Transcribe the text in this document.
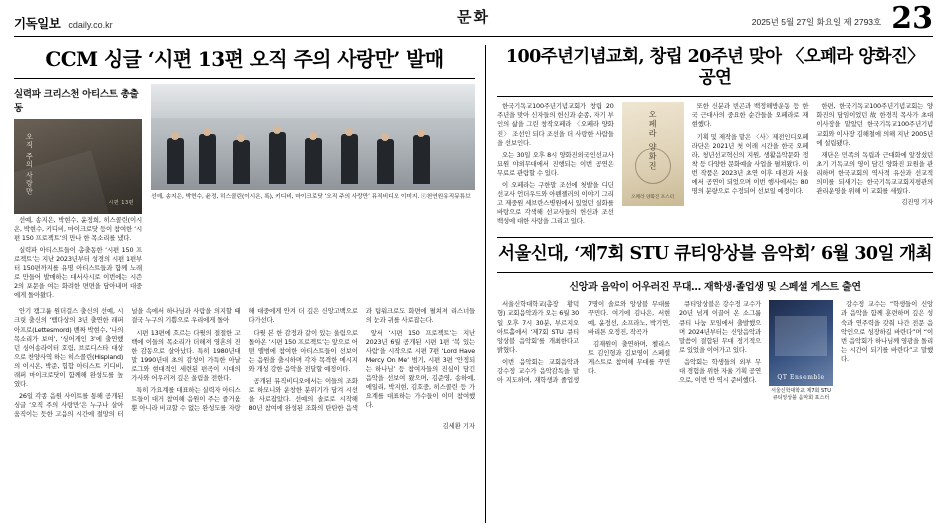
기독일보 cdaily.co.kr	문화	2025년 5월 27일 화요일 제 2793호 23
CCM 싱글 ‘시편 13편 오직 주의 사랑만’ 발매
실력파 크리스천 아티스트 총출동
오직 주의 사랑만
시편 13편
선예, 송지은, 박현수, 윤정, 히스콜린(이시온, 록), 키디비, 마이크로닷 ‘오직 주의 사랑만’ 뮤직비디오 이미지. ⓒ천연원유직뮤튜브

선예, 송지은, 박현수, 윤정희, 히스콜린(이시온, 박현수, 키디비, 마이크로닷 등이 참여한 ‘시편 150 프로젝트’의 만나 한 목소리를 냈다.

실력파 아티스트들이 총출동한 ‘시편 150 프로젝트’는 지난 2023년부터 성경의 시편 1편부터 150편까지를 유명 아티스트들과 함께 노래로 만들어 발매하는 대서사시로 이번에는 시즌 2의 포문을 여는 화려한 면면을 담아내며 대중에게 돌아왔다.

안기 캠그룹 원더걸스 출신의 선예, 시크릿 출신의 ‘뱀다상의 3년 출연한 래퍼아프로(Lettesmord) 밴짜 박현수, ‘나의 목소리가 보여’, ‘싱어게인 3’에 출연했던 싱어송라이터 호림, 브로디스타 대상으로 찬양사역 하는 히스콜린(Hispland)의 이시온, 박준, 힙합 아티스트 키디비, 래퍼 마이크로닷이 함께해 완성도를 높였다.

26일 각종 음원 사이트를 통해 공개된 싱글 ‘오직 주의 사랑만’은 누구나 살아 움직이는 듯한 고음의 시간에 절망의 터널을 속에서 하나님과 사람을 의지할 때 결국 누구의 기쁨으로 우리에게 돌아

시편 13편에 흐르는 다윗의 절절한 고백에 이들의 목소리가 더해져 영혼의 진한 감동으로 살아났다. 특히 1980년대 말 1990년대 초의 감성이 가득한 아날로그와 현대적인 세련된 편곡이 시대의 가사와 어우러져 깊은 울림을 전한다.

특히 가요계를 대표하는 실력자 아티스트들이 대거 참여해 음원이 주는 즐거움뿐 아니라 비교할 수 없는 완성도를 자랑해 대중에게 안겨 더 깊은 신앙고백으로 다가선다.

다윗 본 한 감정과 같이 있는 울림으로 돌아온 ‘시편 150 프로젝트’는 앞으로 어떤 앨범에 참여한 아티스트들이 선보이는 음원을 출시하며 각자 목격한 메시지와 개성 강한 음악을 전달할 예정이다.

공개된 뮤직비디오에서는 이들의 조화로 하모니와 운창한 분위기가 담겨 시선을 사로잡았다. 선예의 솔로로 시작해 80년 참여에 완성된 조화의 탄탄한 음색과 팀워크로도 화면에 펼쳐져 리스너들의 눈과 귀를 사로잡는다.

앞서 ‘시편 150 프로젝트’는 지난 2023년 6월 공개된 시편 1편 ‘복 있는 사람’을 시작으로 시편 7편 ‘Lord Have Mercy On Me’ 범기, 시편 3편 ‘안정되는 하나님’ 등 참여자들의 진심이 담긴 음악을 선보여 왔으며, 김준영, 송하예, 에일리, 박지현, 김호중, 히스콜린 등 가요계를 대표하는 가수들이 이미 참여했다.

김세환 기자
100주년기념교회, 창립 20주년 맞아 〈오페라 양화진〉 공연

한국기독교100주년기념교회가 창립 20주년을 맞아 신자들의 헌신과 순종, 자기 부인의 삶을 그린 창작오페라 〈오페라 양화진〉 조선인 되다 조선을 더 사랑한 사람들을 선보인다.

오는 30일 오후 8시 양화진외국인선교사묘원 야외무대에서 진행되는 이번 공연은 무료로 관람할 수 있다.

이 오페라는 구한말 조선에 첫발을 디딘 선교사 언더우드와 아펜젤러의 이야기 그리고 제중원 세브란스병원에서 있었던 실화를 바탕으로 각색해 선교사들의 헌신과 조선 백성에 대한 사랑을 그리고 있다.

오페라 양화진
오페라 양화진 포스터

또한 신분과 빈곤과 백정해방운동 등 한국 근대사의 중요한 순간들을 오페라로 재현했다.

기획 및 제작을 맡은 〈사〉제전인디오페라단은 2021년 첫 이래 시간을 한국 오페라, 청년선교혁신의 지원, 생활음악문화 정착 등 다양한 문화예술 사업을 펼쳐왔다. 이번 작품은 2023년 초연 이후 대전과 서울에서 공연이 되었으며 이번 행사에서는 80명의 분량으로 수정되어 선보일 예정이다.

한편, 한국기독교100주년기념교회는 양화진의 담임이었던 故 한경직 목사가 초대 이사장을 맡았던 한국기독교100주년기념교회와 이사장 김해철에 의해 지난 2005년에 설립됐다.

재단은 민족의 독립과 근대화에 앞장섰던 초기 기독교의 영이 담긴 양화진 묘원을 관리하며 한국교회의 역사적 유산과 선교적 의미를 되새기는 한국기독교교회지평관의 관리운영을 위해 이 교회를 세웠다.

김진영 기자
서울신대, ‘제7회 STU 큐티앙상블 음악회’ 6월 30일 개최
신앙과 음악이 어우러진 무대… 재학생·졸업생 및 스페셜 게스트 출연

서울신학대학교(총장 황덕형) 교회음악과가 오는 6월 30일 오후 7시 30분, 부르지오 아트홀에서 ‘제7회 STU 큐티앙상블 음악회’를 개최한다고 밝혔다.

이번 음악회는 교회음악과 강수정 교수가 음악감독을 맡아 지도하며, 재학생과 졸업생 7명이 솔로와 앙상블 무대를 꾸민다. 여기에 김나은, 서현예, 윤정선, 소프라노, 박기연, 바리톤 오정진, 작곡가

김재원이 출연하며, 첼리스트 김인형과 김보영이 스페셜 게스트로 참여해 무대를 꾸민다.

큐티앙상블은 강수정 교수가 20년 넘게 이끌어 온 소그룹 큐티 나눔 모임에서 출발했으며 2024년부터는 신앙음악과 말씀이 결합된 무대 정기적으로 있었을 이어가고 있다.

음악회는 학생들의 외부 무대 경험을 위한 자율 기획 공연으로, 이번 반 역시 준비했다.	QT Ensemble
서울신학대학교 제7회 STU 큐티앙상블 음악회 포스터

강수정 교수는 “학생들이 신앙과 음악을 함께 훈련하며 깊은 성숙과 연주력을 갖춰 나간 전문 음악인으로 성장하길 바란다”며 “이번 음악회가 하나님께 영광을 돌리는 시간이 되기를 바란다”고 말했다.
